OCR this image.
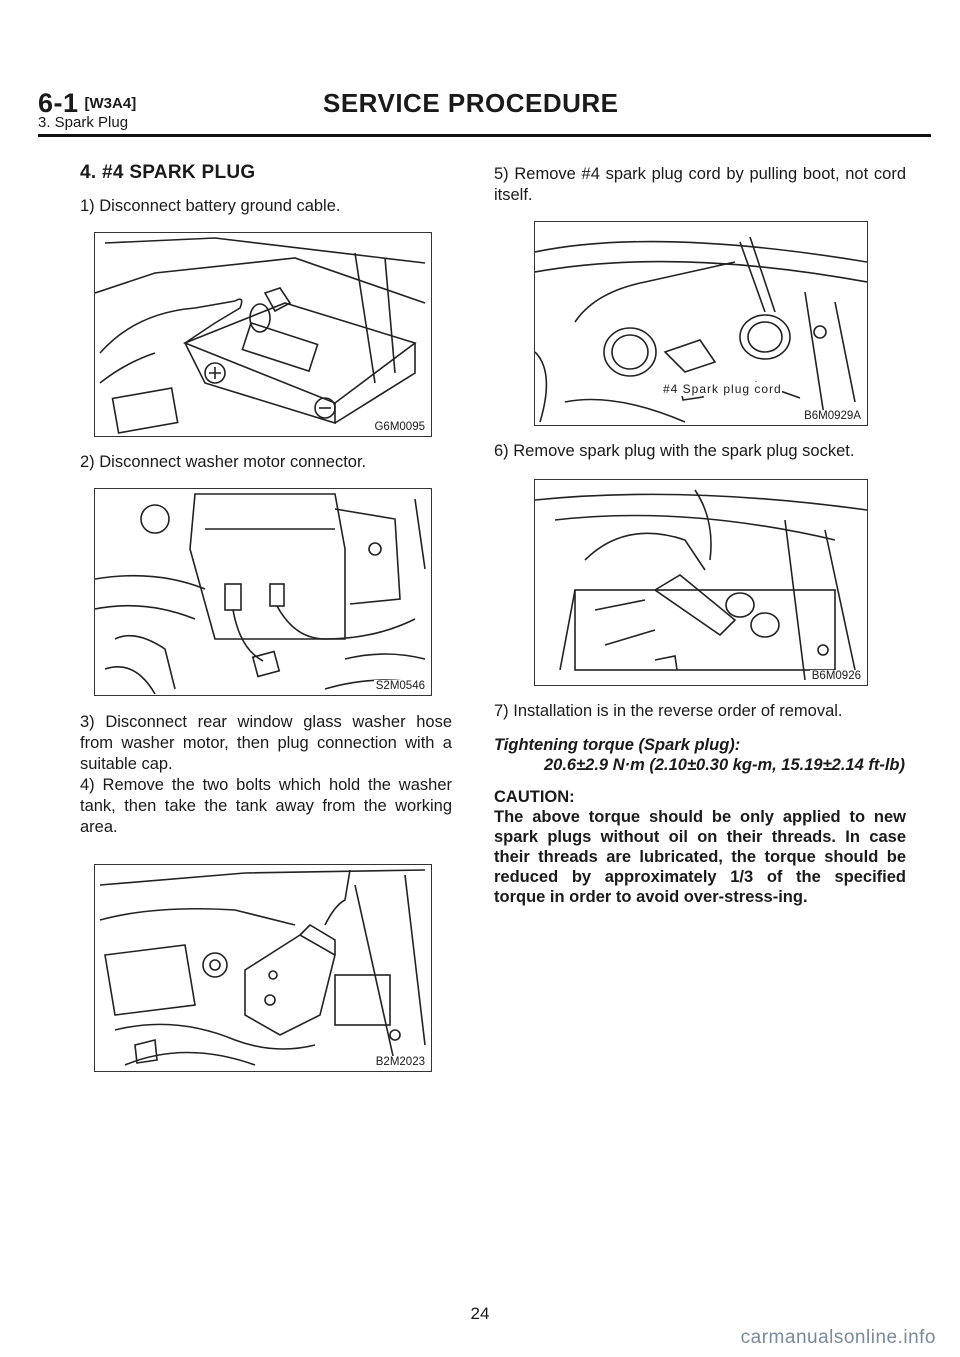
6-1 [W3A4]	SERVICE PROCEDURE
3. Spark Plug
4. #4 SPARK PLUG

1) Disconnect battery ground cable.

G6M0095

2) Disconnect washer motor connector.

S2M0546

3) Disconnect rear window glass washer hose from washer motor, then plug connection with a suitable cap.

4) Remove the two bolts which hold the washer tank, then take the tank away from the working area.

B2M2023

5) Remove #4 spark plug cord by pulling boot, not cord itself.

#4 Spark plug cord
B6M0929A

6) Remove spark plug with the spark plug socket.

B6M0926

7) Installation is in the reverse order of removal.

Tightening torque (Spark plug):
20.6±2.9 N·m (2.10±0.30 kg-m, 15.19±2.14 ft-lb)
CAUTION:
The above torque should be only applied to new spark plugs without oil on their threads. In case their threads are lubricated, the torque should be reduced by approximately 1/3 of the specified torque in order to avoid over-stress-ing.
24
carmanualsonline.info
